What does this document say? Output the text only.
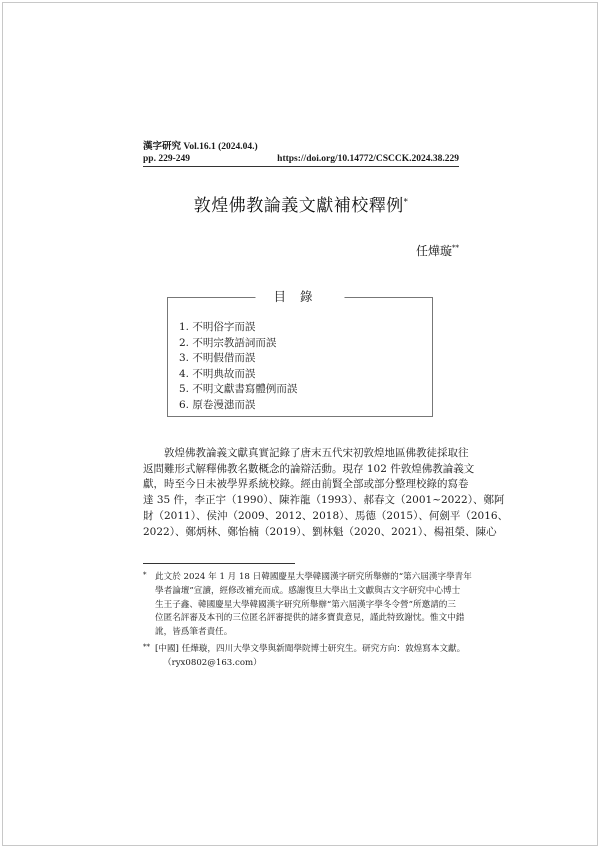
漢字研究 Vol.16.1 (2024.04.)
pp. 229-249	https://doi.org/10.14772/CSCCK.2024.38.229
敦煌佛教論義文獻補校釋例*
任燁璇**
目錄
1. 不明俗字而誤
2. 不明宗教語詞而誤
3. 不明假借而誤
4. 不明典故而誤
5. 不明文獻書寫體例而誤
6. 原卷漫漶而誤

　　敦煌佛教論義文獻真實記錄了唐末五代宋初敦煌地區佛教徒採取往
返問難形式解釋佛教名數概念的論辯活動。現存 102 件敦煌佛教論義文
獻，時至今日未被學界系統校錄。經由前賢全部或部分整理校錄的寫卷
達 35 件，李正宇（1990）、陳祚龍（1993）、郝春文（2001~2022）、鄭阿
財（2011）、侯沖（2009、2012、2018）、馬德（2015）、何劍平（2016、
2022）、鄭炳林、鄭怡楠（2019）、劉林魁（2020、2021）、楊祖榮、陳心

* 此文於 2024 年 1 月 18 日韓國慶星大學韓國漢字研究所舉辦的“第六屆漢字學青年
學者論壇”宣讀，經修改補充而成。感謝復旦大學出土文獻與古文字研究中心博士
生王子鑫、韓國慶星大學韓國漢字研究所舉辦“第六屆漢字學冬令營”所邀請的三
位匿名評審及本刊的三位匿名評審提供的諸多寶貴意見，謹此特致謝忱。惟文中錯
訛，皆爲筆者責任。
** [中國] 任燁璇，四川大學文學與新聞學院博士研究生。研究方向：敦煌寫本文獻。
（ryx0802@163.com）
